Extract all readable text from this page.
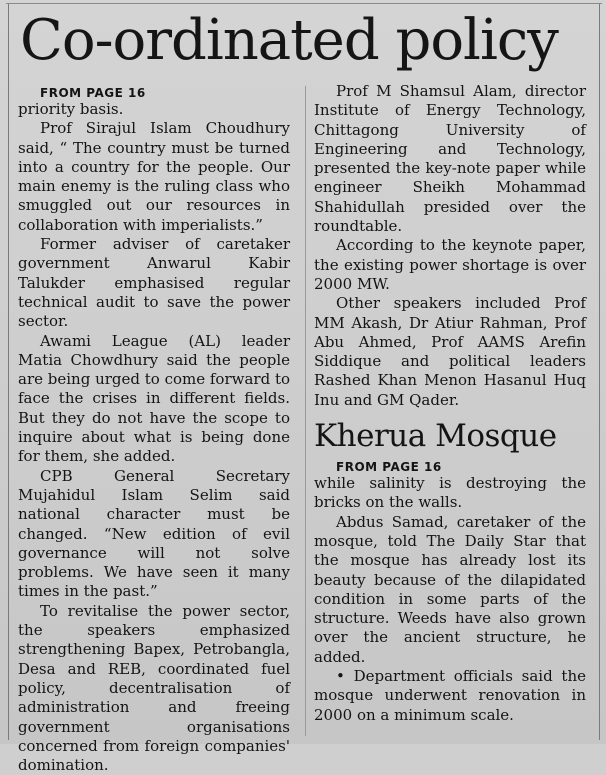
Co-ordinated policy

FROM PAGE 16

priority basis.

Prof Sirajul Islam Choudhury said, “ The country must be turned into a country for the people. Our main enemy is the ruling class who smuggled out our resources in collaboration with imperialists.”

Former adviser of caretaker government Anwarul Kabir Talukder emphasised regular technical audit to save the power sector.

Awami League (AL) leader Matia Chowdhury said the people are being urged to come forward to face the crises in different fields. But they do not have the scope to inquire about what is being done for them, she added.

CPB General Secretary Mujahidul Islam Selim said national character must be changed. “New edition of evil governance will not solve problems. We have seen it many times in the past.”

To revitalise the power sector, the speakers emphasized strengthening Bapex, Petrobangla, Desa and REB, coordinated fuel policy, decentralisation of administration and freeing government organisations concerned from foreign companies' domination.

Prof M Shamsul Alam, director Institute of Energy Technology, Chittagong University of Engineering and Technology, presented the key-note paper while engineer Sheikh Mohammad Shahidullah presided over the roundtable.

According to the keynote paper, the existing power shortage is over 2000 MW.

Other speakers included Prof MM Akash, Dr Atiur Rahman, Prof Abu Ahmed, Prof AAMS Arefin Siddique and political leaders Rashed Khan Menon Hasanul Huq Inu and GM Qader.

Kherua Mosque

FROM PAGE 16

while salinity is destroying the bricks on the walls.

Abdus Samad, caretaker of the mosque, told The Daily Star that the mosque has already lost its beauty because of the dilapidated condition in some parts of the structure. Weeds have also grown over the ancient structure, he added.

• Department officials said the mosque underwent renovation in 2000 on a minimum scale.
